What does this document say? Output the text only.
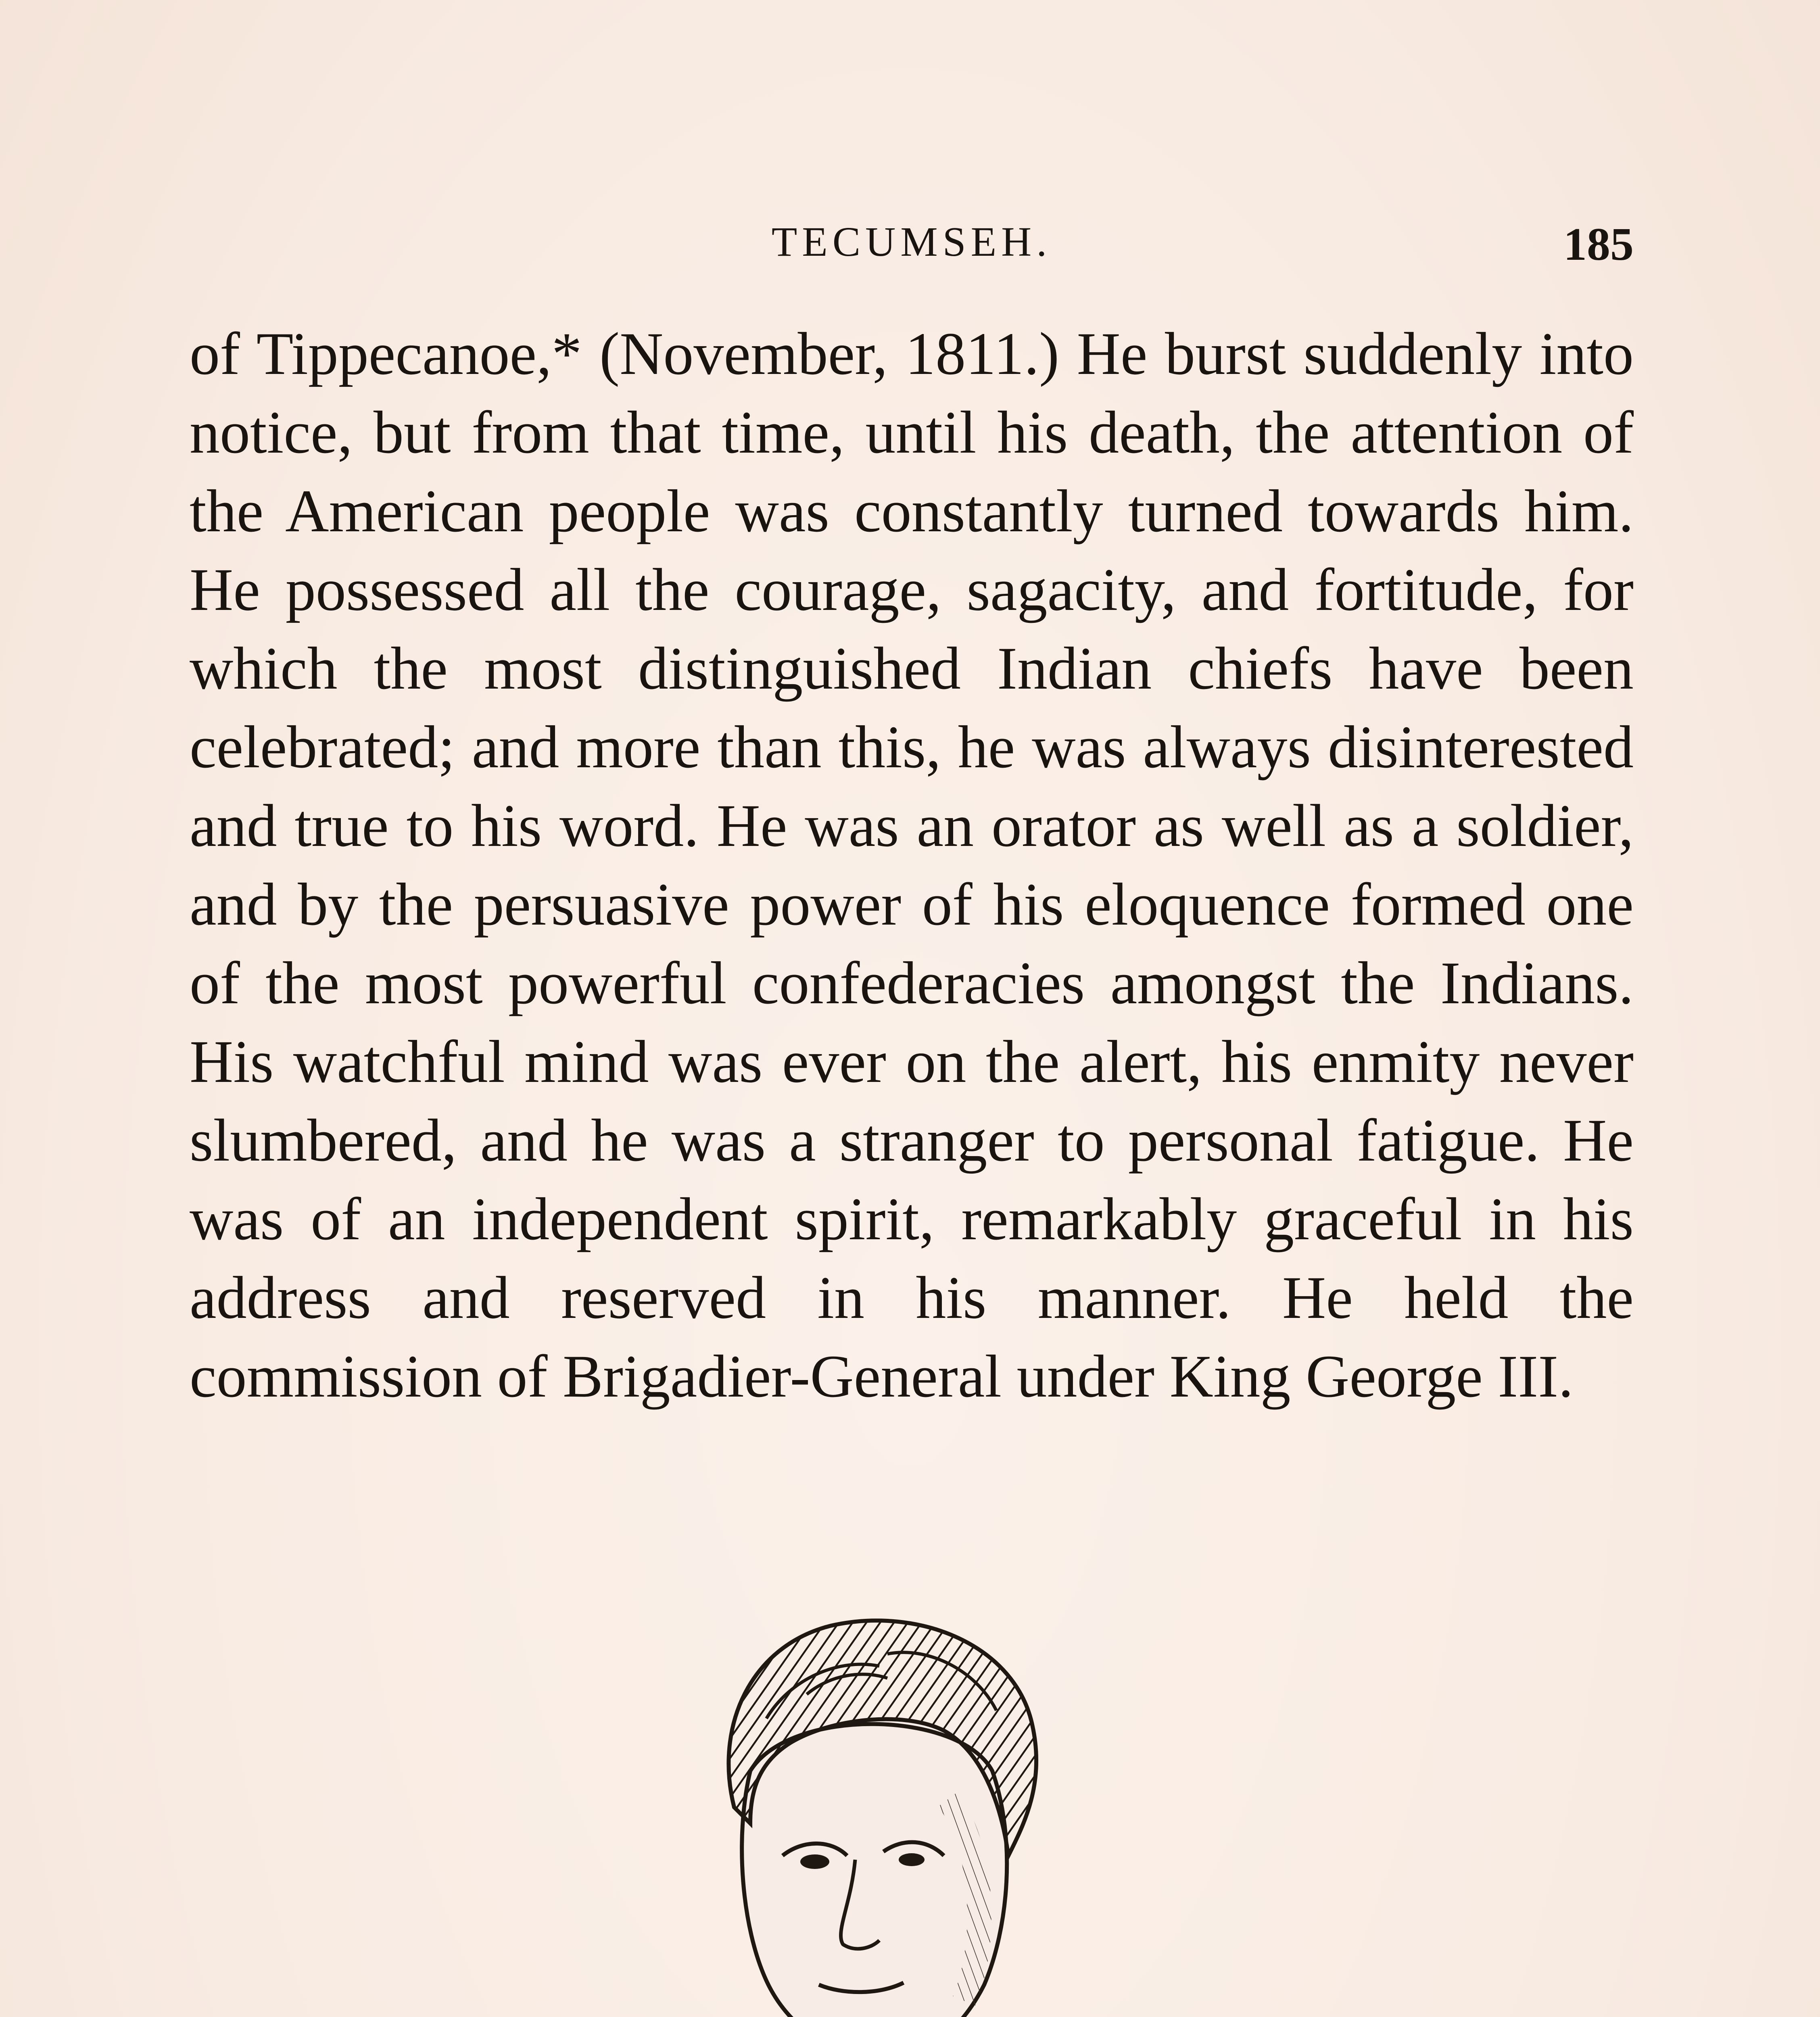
TECUMSEH.	185

of Tippecanoe,* (November, 1811.) He burst suddenly into notice, but from that time, until his death, the attention of the American people was constantly turned towards him. He possessed all the courage, sagacity, and fortitude, for which the most distinguished Indian chiefs have been celebrated; and more than this, he was always disinterested and true to his word. He was an orator as well as a soldier, and by the persuasive power of his eloquence formed one of the most powerful confederacies amongst the Indians. His watchful mind was ever on the alert, his enmity never slumbered, and he was a stranger to personal fatigue. He was of an independent spirit, remarkably graceful in his address and reserved in his manner. He held the commission of Brigadier-General under King George III.
